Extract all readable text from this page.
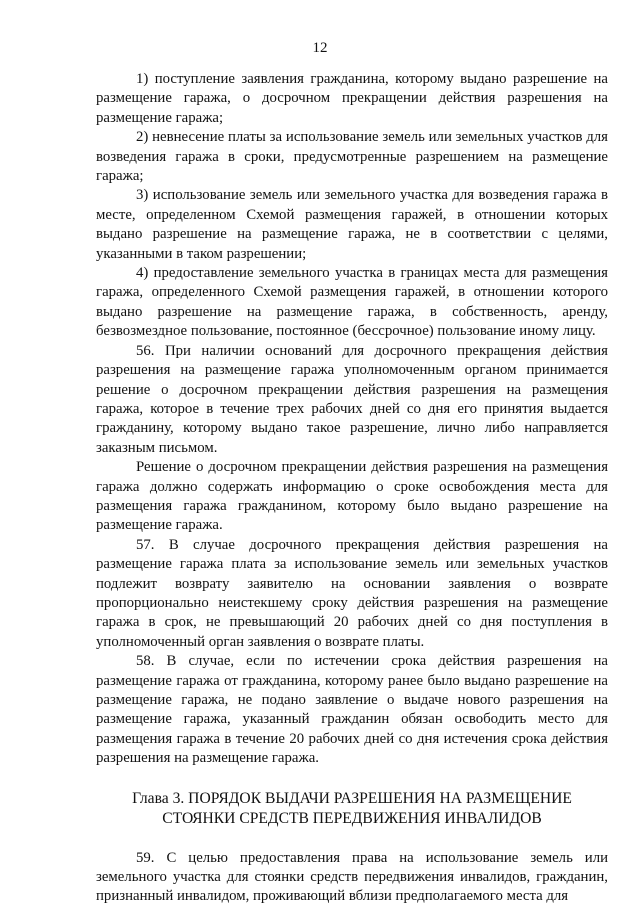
12

1) поступление заявления гражданина, которому выдано разрешение на размещение гаража, о досрочном прекращении действия разрешения на размещение гаража;

2) невнесение платы за использование земель или земельных участков для возведения гаража в сроки, предусмотренные разрешением на размещение гаража;

3) использование земель или земельного участка для возведения гаража в месте, определенном Схемой размещения гаражей, в отношении которых выдано разрешение на размещение гаража, не в соответствии с целями, указанными в таком разрешении;

4) предоставление земельного участка в границах места для размещения гаража, определенного Схемой размещения гаражей, в отношении которого выдано разрешение на размещение гаража, в собственность, аренду, безвозмездное пользование, постоянное (бессрочное) пользование иному лицу.

56. При наличии оснований для досрочного прекращения действия разрешения на размещение гаража уполномоченным органом принимается решение о досрочном прекращении действия разрешения на размещения гаража, которое в течение трех рабочих дней со дня его принятия выдается гражданину, которому выдано такое разрешение, лично либо направляется заказным письмом.

Решение о досрочном прекращении действия разрешения на размещения гаража должно содержать информацию о сроке освобождения места для размещения гаража гражданином, которому было выдано разрешение на размещение гаража.

57. В случае досрочного прекращения действия разрешения на размещение гаража плата за использование земель или земельных участков подлежит возврату заявителю на основании заявления о возврате пропорционально неистекшему сроку действия разрешения на размещение гаража в срок, не превышающий 20 рабочих дней со дня поступления в уполномоченный орган заявления о возврате платы.

58. В случае, если по истечении срока действия разрешения на размещение гаража от гражданина, которому ранее было выдано разрешение на размещение гаража, не подано заявление о выдаче нового разрешения на размещение гаража, указанный гражданин обязан освободить место для размещения гаража в течение 20 рабочих дней со дня истечения срока действия разрешения на размещение гаража.

Глава 3. ПОРЯДОК ВЫДАЧИ РАЗРЕШЕНИЯ НА РАЗМЕЩЕНИЕ
СТОЯНКИ СРЕДСТВ ПЕРЕДВИЖЕНИЯ ИНВАЛИДОВ

59. С целью предоставления права на использование земель или земельного участка для стоянки средств передвижения инвалидов, гражданин, признанный инвалидом, проживающий вблизи предполагаемого места для
